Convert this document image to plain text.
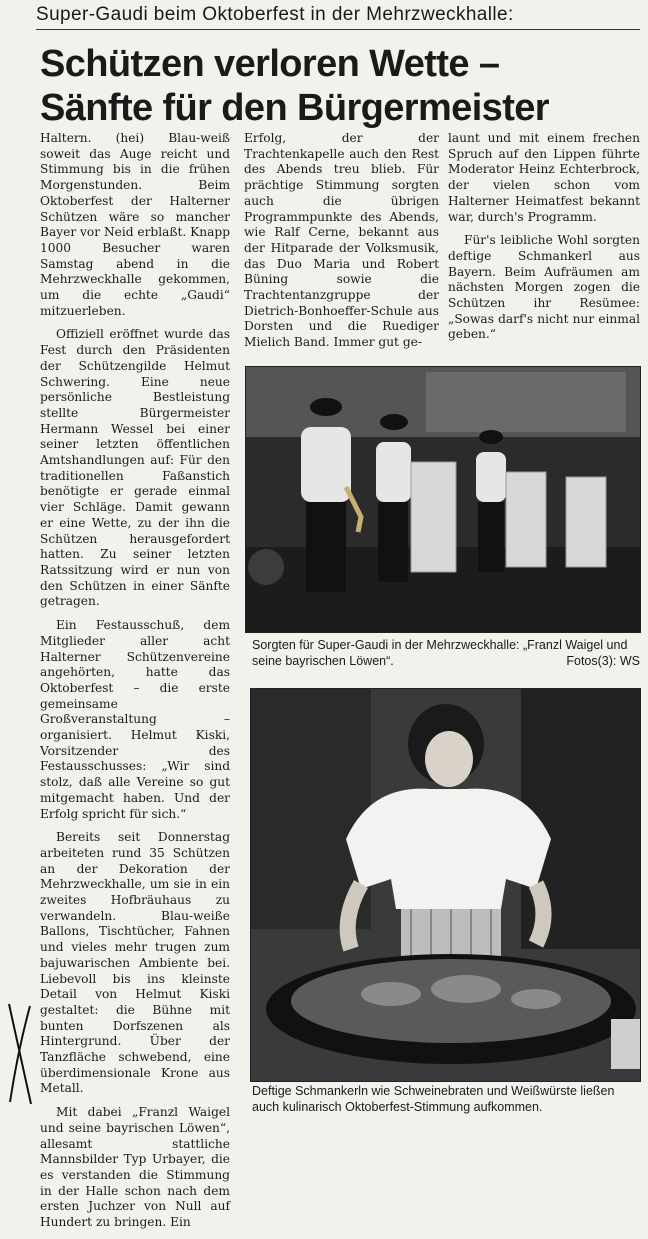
Super-Gaudi beim Oktoberfest in der Mehrzweckhalle:
Schützen verloren Wette –
Sänfte für den Bürgermeister

Haltern. (hei) Blau-weiß soweit das Auge reicht und Stimmung bis in die frühen Morgenstunden. Beim Oktoberfest der Halterner Schützen wäre so mancher Bayer vor Neid erblaßt. Knapp 1000 Besucher waren Samstag abend in die Mehrzweckhalle gekommen, um die echte „Gaudi“ mitzuerleben.

Offiziell eröffnet wurde das Fest durch den Präsidenten der Schützengilde Helmut Schwering. Eine neue persönliche Bestleistung stellte Bürgermeister Hermann Wessel bei einer seiner letzten öffentlichen Amtshandlungen auf: Für den traditionellen Faßanstich benötigte er gerade einmal vier Schläge. Damit gewann er eine Wette, zu der ihn die Schützen herausgefordert hatten. Zu seiner letzten Ratssitzung wird er nun von den Schützen in einer Sänfte getragen.

Ein Festausschuß, dem Mitglieder aller acht Halterner Schützenvereine angehörten, hatte das Oktoberfest – die erste gemeinsame Großveranstaltung – organisiert. Helmut Kiski, Vorsitzender des Festausschusses: „Wir sind stolz, daß alle Vereine so gut mitgemacht haben. Und der Erfolg spricht für sich.“

Bereits seit Donnerstag arbeiteten rund 35 Schützen an der Dekoration der Mehrzweckhalle, um sie in ein zweites Hofbräuhaus zu verwandeln. Blau-weiße Ballons, Tischtücher, Fahnen und vieles mehr trugen zum bajuwarischen Ambiente bei. Liebevoll bis ins kleinste Detail von Helmut Kiski gestaltet: die Bühne mit bunten Dorfszenen als Hintergrund. Über der Tanzfläche schwebend, eine überdimensionale Krone aus Metall.

Mit dabei „Franzl Waigel und seine bayrischen Löwen“, allesamt stattliche Mannsbilder Typ Urbayer, die es verstanden die Stimmung in der Halle schon nach dem ersten Juchzer von Null auf Hundert zu bringen. Ein

Erfolg, der der Trachtenkapelle auch den Rest des Abends treu blieb. Für prächtige Stimmung sorgten auch die übrigen Programmpunkte des Abends, wie Ralf Cerne, bekannt aus der Hitparade der Volksmusik, das Duo Maria und Robert Büning sowie die Trachtentanzgruppe der Dietrich-Bonhoeffer-Schule aus Dorsten und die Ruediger Mielich Band. Immer gut ge-

launt und mit einem frechen Spruch auf den Lippen führte Moderator Heinz Echterbrock, der vielen schon vom Halterner Heimatfest bekannt war, durch's Programm.

Für's leibliche Wohl sorgten deftige Schmankerl aus Bayern. Beim Aufräumen am nächsten Morgen zogen die Schützen ihr Resümee: „Sowas darf's nicht nur einmal geben.“

Sorgten für Super-Gaudi in der Mehrzweckhalle: „Franzl Waigel und seine bayrischen Löwen“.	Fotos(3): WS
Deftige Schmankerln wie Schweinebraten und Weißwürste ließen auch kulinarisch Oktoberfest-Stimmung aufkommen.
